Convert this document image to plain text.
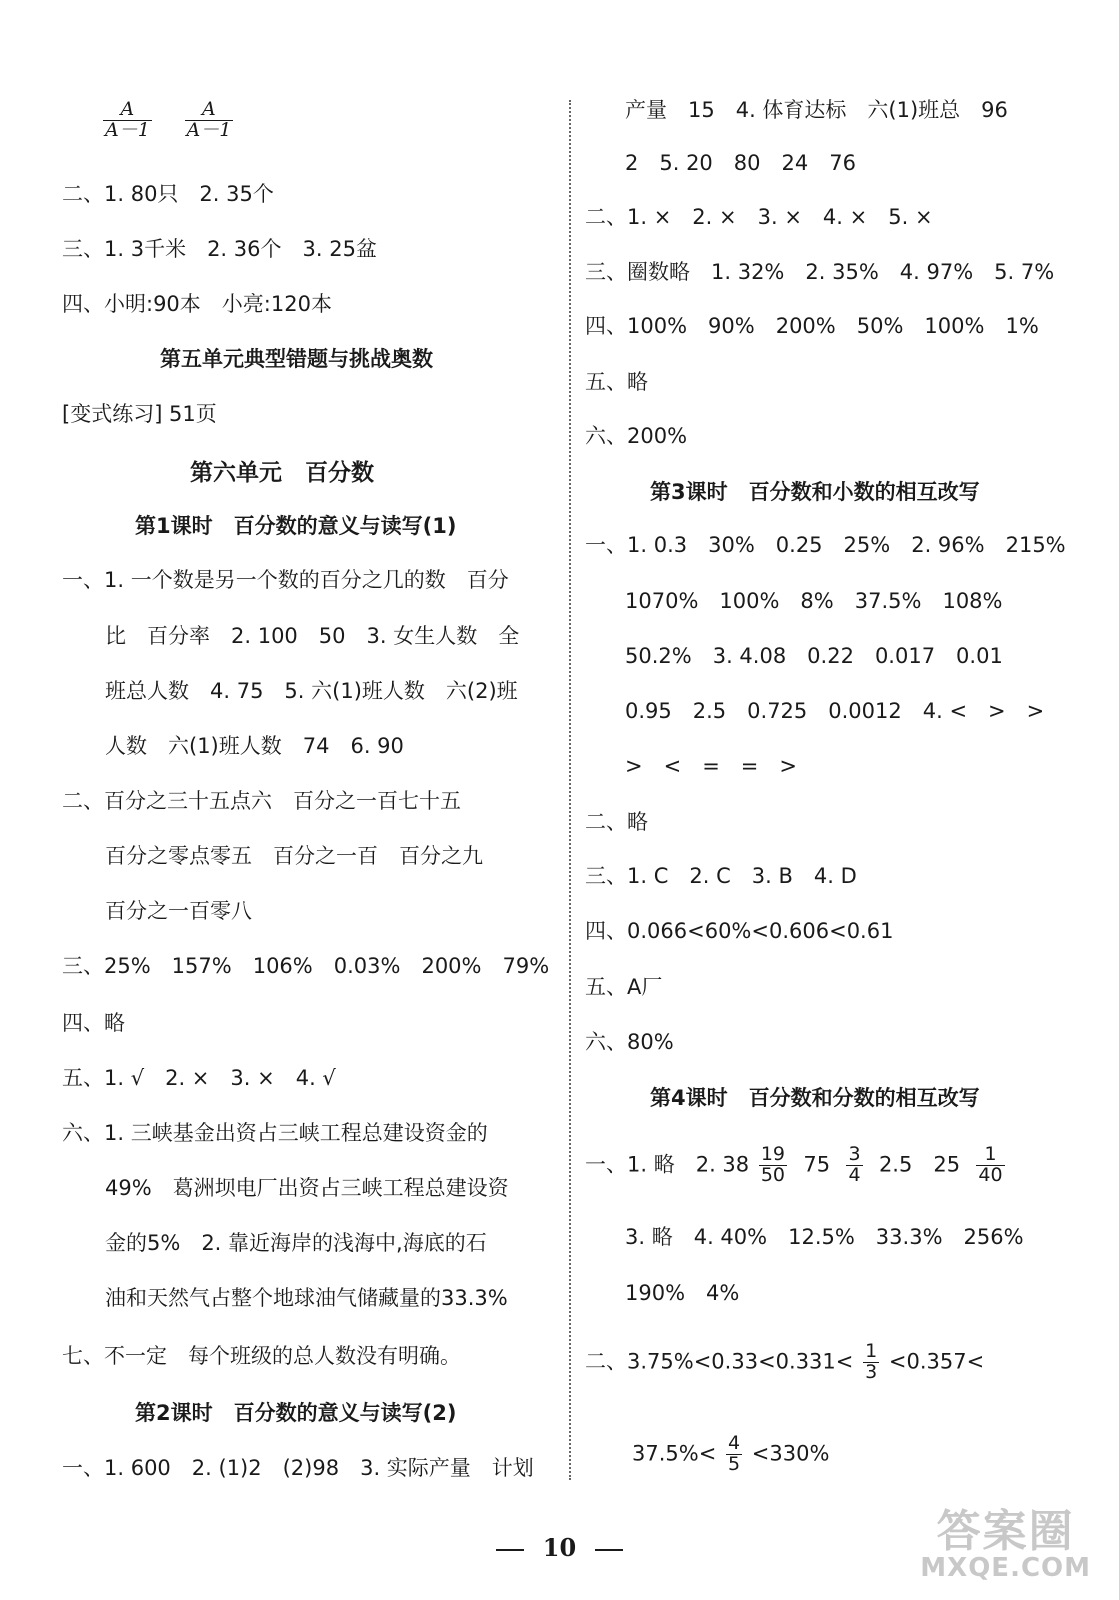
$\frac{A}{A-1}$
$\frac{A}{A-1}$
二、1. 80只　2. 35个
三、1. 3千米　2. 36个　3. 25盆
四、小明:90本　小亮:120本
第五单元典型错题与挑战奥数
[变式练习] 51页
第六单元　百分数
第1课时　百分数的意义与读写(1)
一、1. 一个数是另一个数的百分之几的数　百分
比　百分率　2. 100　50　3. 女生人数　全
班总人数　4. 75　5. 六(1)班人数　六(2)班
人数　六(1)班人数　74　6. 90
二、百分之三十五点六　百分之一百七十五
百分之零点零五　百分之一百　百分之九
百分之一百零八
三、25%　157%　106%　0.03%　200%　79%
四、略
五、1. √　2. ×　3. ×　4. √
六、1. 三峡基金出资占三峡工程总建设资金的
49%　葛洲坝电厂出资占三峡工程总建设资
金的5%　2. 靠近海岸的浅海中,海底的石
油和天然气占整个地球油气储藏量的33.3%
七、不一定　每个班级的总人数没有明确。
第2课时　百分数的意义与读写(2)
一、1. 600　2. (1)2　(2)98　3. 实际产量　计划
产量　15　4. 体育达标　六(1)班总　96
2　5. 20　80　24　76
二、1. ×　2. ×　3. ×　4. ×　5. ×
三、圈数略　1. 32%　2. 35%　4. 97%　5. 7%
四、100%　90%　200%　50%　100%　1%
五、略
六、200%
第3课时　百分数和小数的相互改写
一、1. 0.3　30%　0.25　25%　2. 96%　215%
1070%　100%　8%　37.5%　108%
50.2%　3. 4.08　0.22　0.017　0.01
0.95　2.5　0.725　0.0012　4. <　>　>
>　<　=　=　>
二、略
三、1. C　2. C　3. B　4. D
四、0.066<60%<0.606<0.61
五、A厂
六、80%
第4课时　百分数和分数的相互改写
一、1. 略　2. $38 \frac{19}{50} 75 \frac{3}{4} 2.5$　$25 \frac{1}{40}$
3. 略　4. 40%　12.5%　33.3%　256%
190%　4%
二、$3.75\%<0.33<0.331< \frac{1}{3} <0.357<$
$37.5\%< \frac{4}{5} <330\%$
10	答案圈
MXQE.COM
